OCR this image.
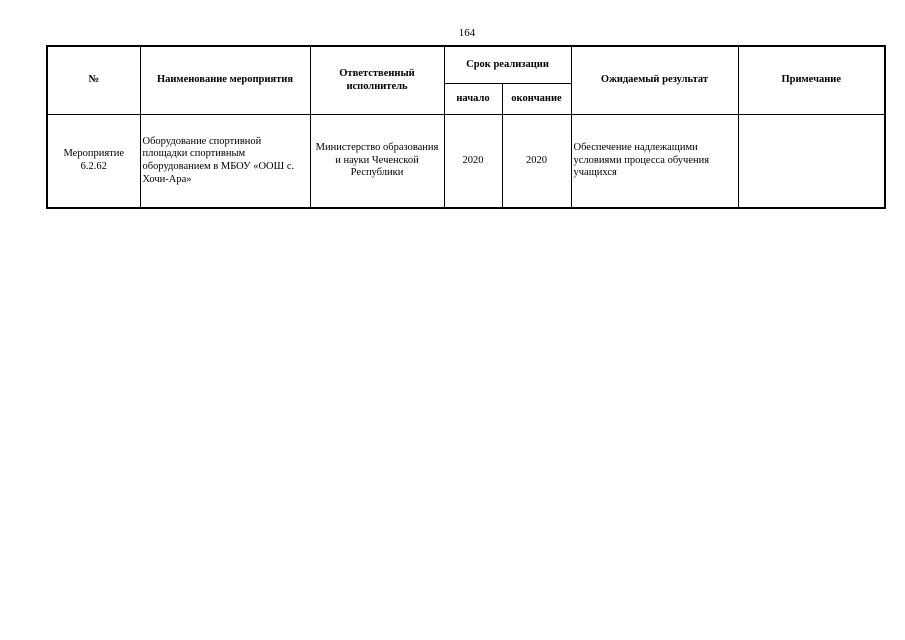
164
№	Наименование мероприятия	Ответственный исполнитель	Срок реализации		Ожидаемый результат	Примечание
			начало	окончание		
Мероприятие 6.2.62	Оборудование спортивной площадки спортивным оборудованием в МБОУ «ООШ с. Хочи-Ара»	Министерство образования и науки Чеченской Республики	2020	2020	Обеспечение надлежащими условиями процесса обучения учащихся	
